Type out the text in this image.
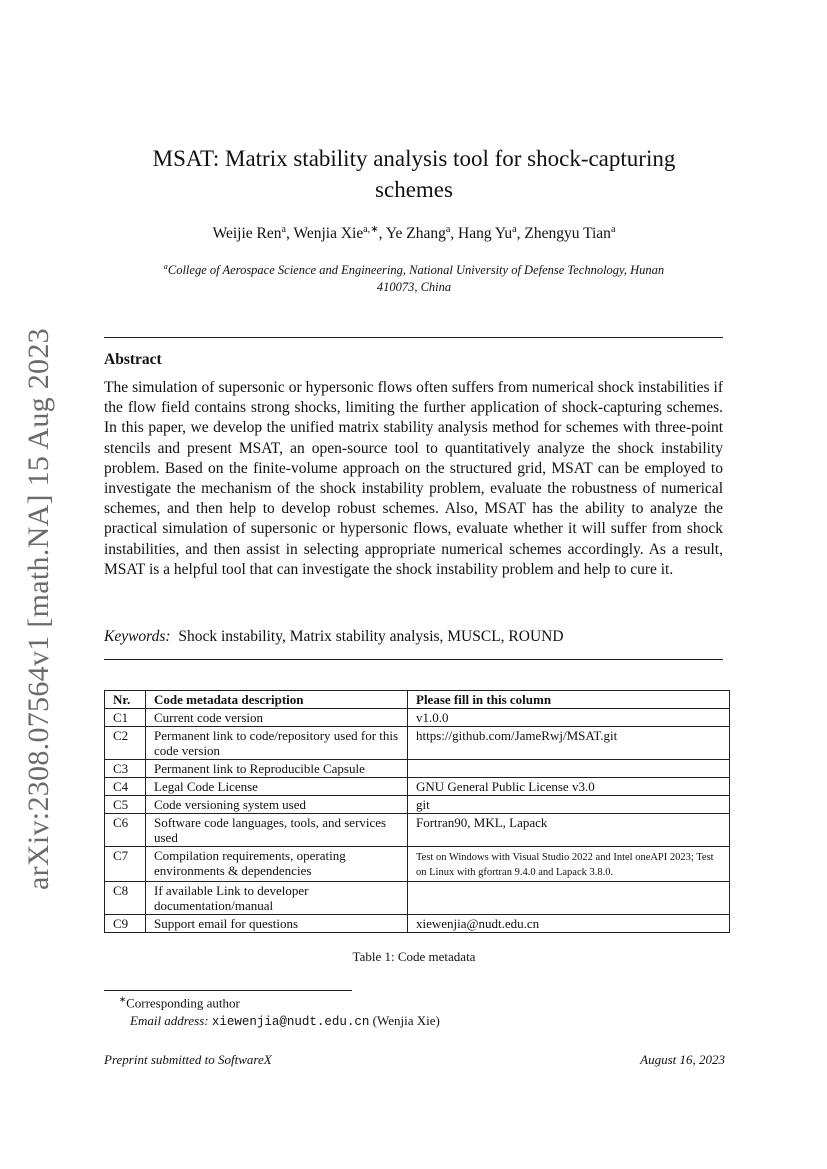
arXiv:2308.07564v1 [math.NA] 15 Aug 2023
MSAT: Matrix stability analysis tool for shock-capturing
schemes
Weijie Ren$^a$, Wenjia Xie$^{a,∗}$, Ye Zhang$^a$, Hang Yu$^a$, Zhengyu Tian$^a$
$^a$College of Aerospace Science and Engineering, National University of Defense Technology, Hunan
410073, China
Abstract
The simulation of supersonic or hypersonic flows often suffers from numerical shock instabilities if the flow field contains strong shocks, limiting the further application of shock-capturing schemes. In this paper, we develop the unified matrix stability analysis method for schemes with three-point stencils and present MSAT, an open-source tool to quantitatively analyze the shock instability problem. Based on the finite-volume approach on the structured grid, MSAT can be employed to investigate the mechanism of the shock instability problem, evaluate the robustness of numerical schemes, and then help to develop robust schemes. Also, MSAT has the ability to analyze the practical simulation of supersonic or hypersonic flows, evaluate whether it will suffer from shock instabilities, and then assist in selecting appropriate numerical schemes accordingly. As a result, MSAT is a helpful tool that can investigate the shock instability problem and help to cure it.
Keywords: Shock instability, Matrix stability analysis, MUSCL, ROUND
Nr.	Code metadata description	Please fill in this column
C1	Current code version	v1.0.0
C2	Permanent link to code/repository used for this code version	https://github.com/JameRwj/MSAT.git
C3	Permanent link to Reproducible Capsule	
C4	Legal Code License	GNU General Public License v3.0
C5	Code versioning system used	git
C6	Software code languages, tools, and services used	Fortran90, MKL, Lapack
C7	Compilation requirements, operating environments & dependencies	Test on Windows with Visual Studio 2022 and Intel oneAPI 2023; Test on Linux with gfortran 9.4.0 and Lapack 3.8.0.
C8	If available Link to developer documentation/manual	
C9	Support email for questions	xiewenjia@nudt.edu.cn
Table 1: Code metadata
∗Corresponding author
Email address: xiewenjia@nudt.edu.cn (Wenjia Xie)
Preprint submitted to SoftwareX	August 16, 2023
